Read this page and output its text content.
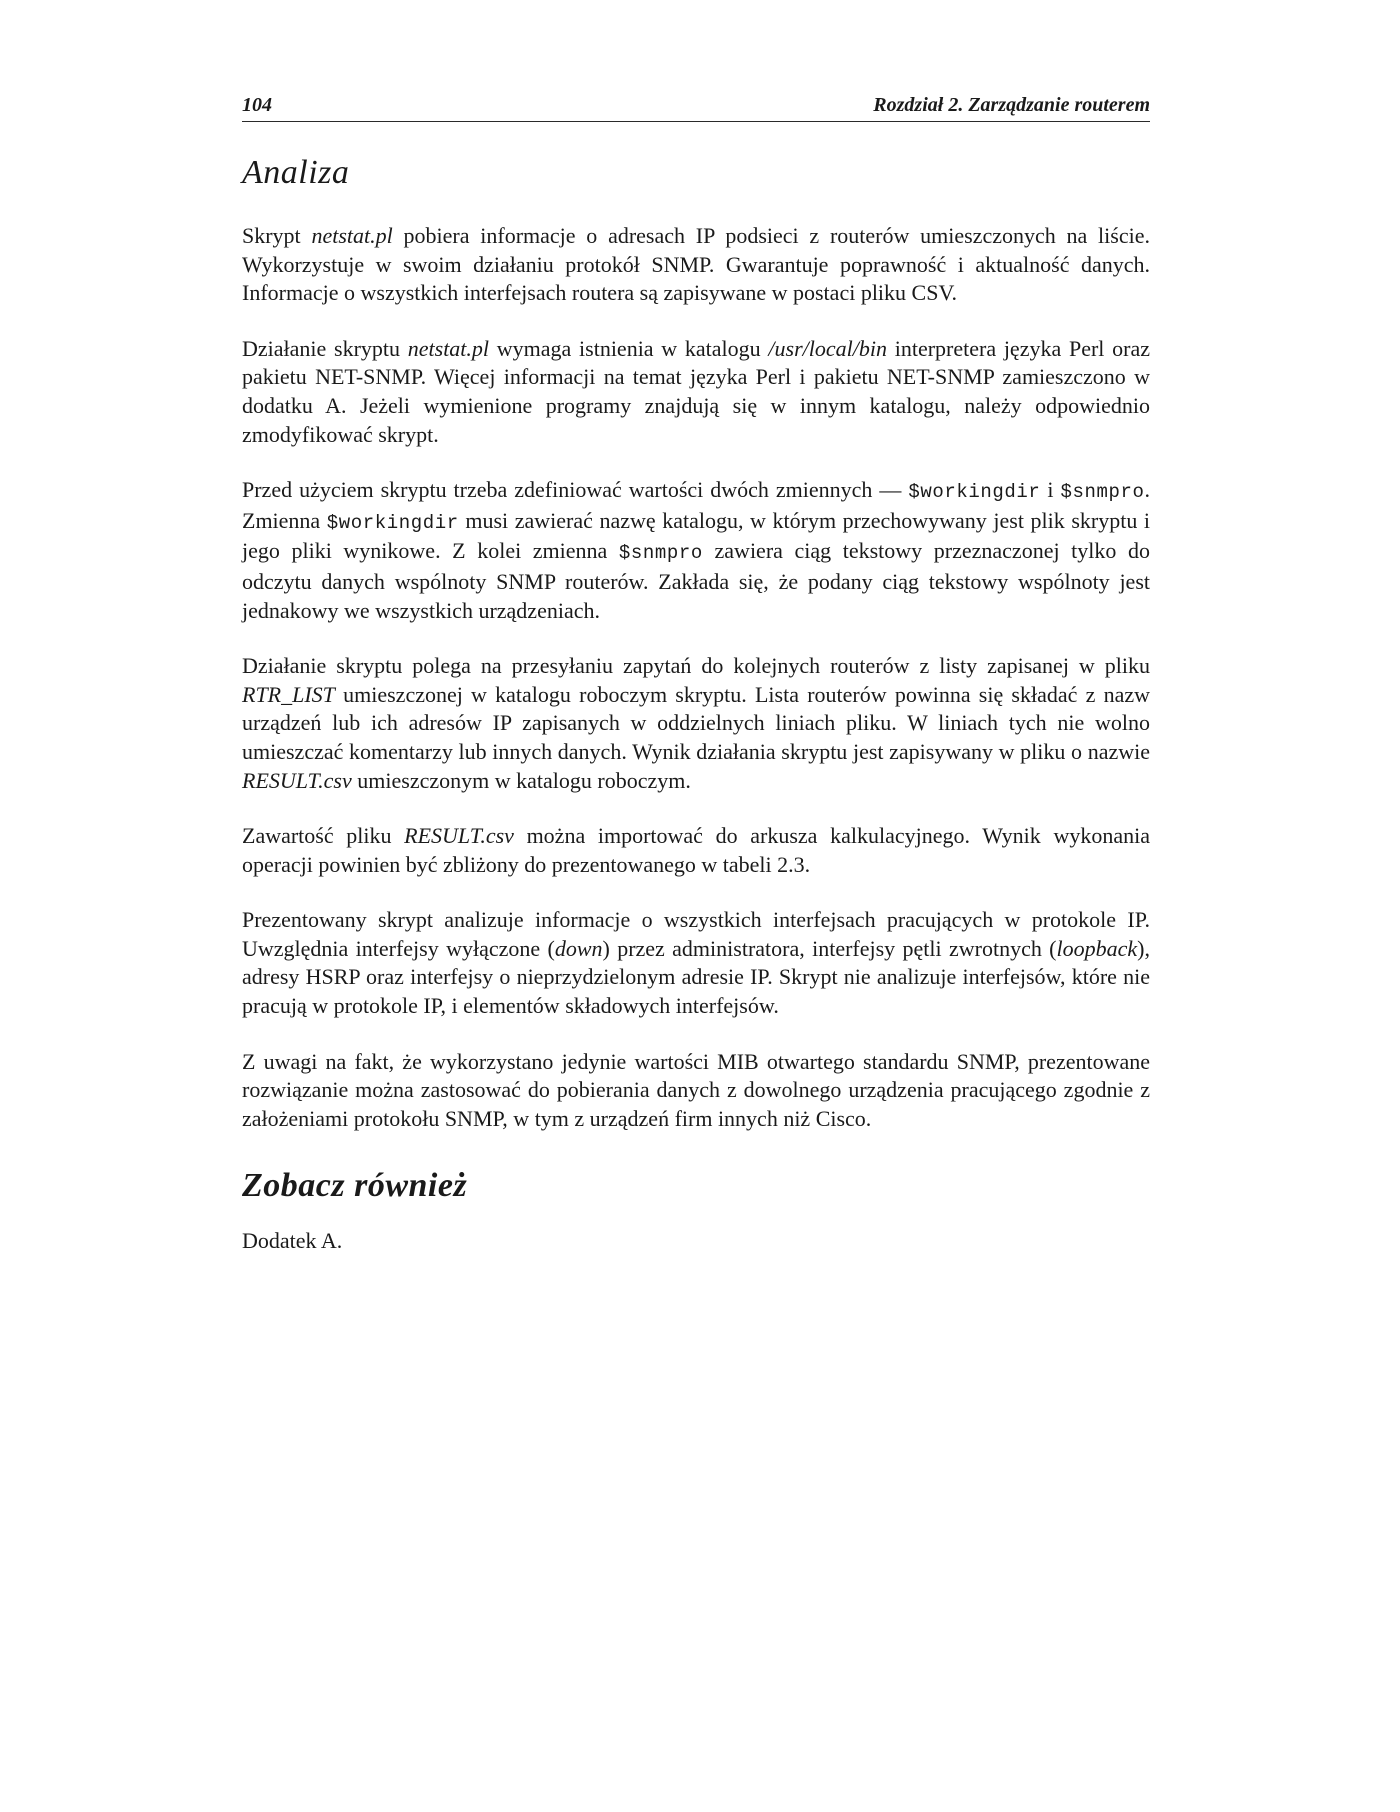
104	Rozdział 2. Zarządzanie routerem
Analiza

Skrypt netstat.pl pobiera informacje o adresach IP podsieci z routerów umieszczonych na liście. Wykorzystuje w swoim działaniu protokół SNMP. Gwarantuje poprawność i aktualność danych. Informacje o wszystkich interfejsach routera są zapisywane w postaci pliku CSV.

Działanie skryptu netstat.pl wymaga istnienia w katalogu /usr/local/bin interpretera języka Perl oraz pakietu NET-SNMP. Więcej informacji na temat języka Perl i pakietu NET-SNMP zamieszczono w dodatku A. Jeżeli wymienione programy znajdują się w innym katalogu, należy odpowiednio zmodyfikować skrypt.

Przed użyciem skryptu trzeba zdefiniować wartości dwóch zmiennych — $workingdir i $snmpro. Zmienna $workingdir musi zawierać nazwę katalogu, w którym przechowywany jest plik skryptu i jego pliki wynikowe. Z kolei zmienna $snmpro zawiera ciąg tekstowy przeznaczonej tylko do odczytu danych wspólnoty SNMP routerów. Zakłada się, że podany ciąg tekstowy wspólnoty jest jednakowy we wszystkich urządzeniach.

Działanie skryptu polega na przesyłaniu zapytań do kolejnych routerów z listy zapisanej w pliku RTR_LIST umieszczonej w katalogu roboczym skryptu. Lista routerów powinna się składać z nazw urządzeń lub ich adresów IP zapisanych w oddzielnych liniach pliku. W liniach tych nie wolno umieszczać komentarzy lub innych danych. Wynik działania skryptu jest zapisywany w pliku o nazwie RESULT.csv umieszczonym w katalogu roboczym.

Zawartość pliku RESULT.csv można importować do arkusza kalkulacyjnego. Wynik wykonania operacji powinien być zbliżony do prezentowanego w tabeli 2.3.

Prezentowany skrypt analizuje informacje o wszystkich interfejsach pracujących w protokole IP. Uwzględnia interfejsy wyłączone (down) przez administratora, interfejsy pętli zwrotnych (loopback), adresy HSRP oraz interfejsy o nieprzydzielonym adresie IP. Skrypt nie analizuje interfejsów, które nie pracują w protokole IP, i elementów składowych interfejsów.

Z uwagi na fakt, że wykorzystano jedynie wartości MIB otwartego standardu SNMP, prezentowane rozwiązanie można zastosować do pobierania danych z dowolnego urządzenia pracującego zgodnie z założeniami protokołu SNMP, w tym z urządzeń firm innych niż Cisco.

Zobacz również

Dodatek A.
